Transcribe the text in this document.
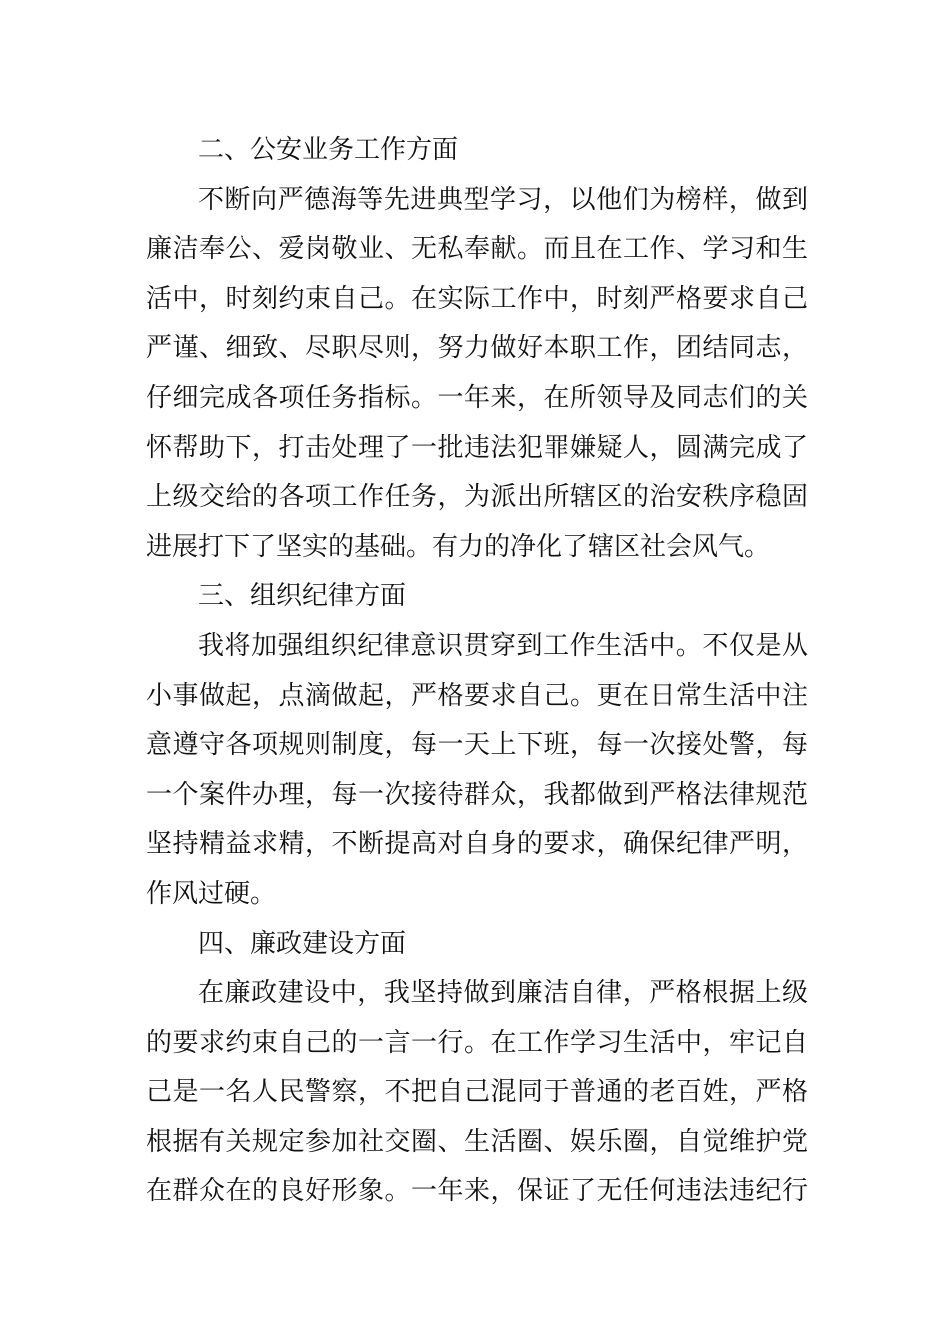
二、公安业务工作方面
不断向严德海等先进典型学习，以他们为榜样，做到
廉洁奉公、爱岗敬业、无私奉献。而且在工作、学习和生
活中，时刻约束自己。在实际工作中，时刻严格要求自己
严谨、细致、尽职尽则，努力做好本职工作，团结同志，
仔细完成各项任务指标。一年来，在所领导及同志们的关
怀帮助下，打击处理了一批违法犯罪嫌疑人，圆满完成了
上级交给的各项工作任务，为派出所辖区的治安秩序稳固
进展打下了坚实的基础。有力的净化了辖区社会风气。
三、组织纪律方面
我将加强组织纪律意识贯穿到工作生活中。不仅是从
小事做起，点滴做起，严格要求自己。更在日常生活中注
意遵守各项规则制度，每一天上下班，每一次接处警，每
一个案件办理，每一次接待群众，我都做到严格法律规范
坚持精益求精，不断提高对自身的要求，确保纪律严明，
作风过硬。
四、廉政建设方面
在廉政建设中，我坚持做到廉洁自律，严格根据上级
的要求约束自己的一言一行。在工作学习生活中，牢记自
己是一名人民警察，不把自己混同于普通的老百姓，严格
根据有关规定参加社交圈、生活圈、娱乐圈，自觉维护党
在群众在的良好形象。一年来，保证了无任何违法违纪行
